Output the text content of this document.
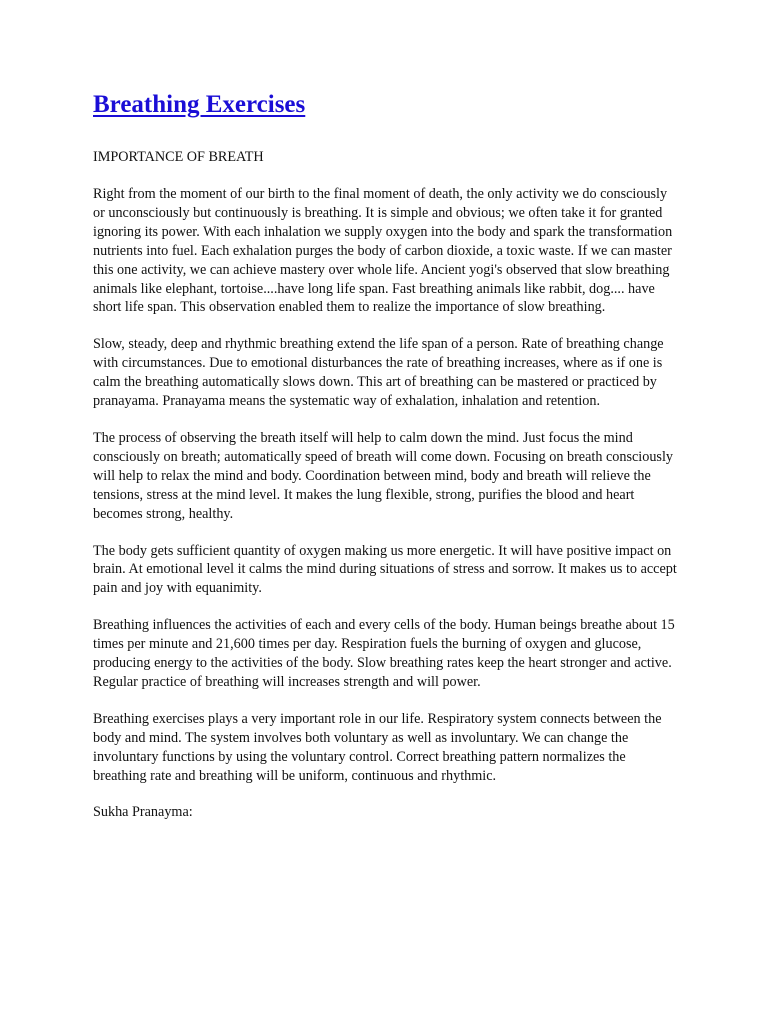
Breathing Exercises

IMPORTANCE OF BREATH

Right from the moment of our birth to the final moment of death, the only activity we do consciously or unconsciously but continuously is breathing. It is simple and obvious; we often take it for granted ignoring its power. With each inhalation we supply oxygen into the body and spark the transformation nutrients into fuel. Each exhalation purges the body of carbon dioxide, a toxic waste. If we can master this one activity, we can achieve mastery over whole life. Ancient yogi's observed that slow breathing animals like elephant, tortoise....have long life span. Fast breathing animals like rabbit, dog.... have short life span. This observation enabled them to realize the importance of slow breathing.

Slow, steady, deep and rhythmic breathing extend the life span of a person. Rate of breathing change with circumstances. Due to emotional disturbances the rate of breathing increases, where as if one is calm the breathing automatically slows down. This art of breathing can be mastered or practiced by pranayama. Pranayama means the systematic way of exhalation, inhalation and retention.

The process of observing the breath itself will help to calm down the mind. Just focus the mind consciously on breath; automatically speed of breath will come down. Focusing on breath consciously will help to relax the mind and body. Coordination between mind, body and breath will relieve the tensions, stress at the mind level. It makes the lung flexible, strong, purifies the blood and heart becomes strong, healthy.

The body gets sufficient quantity of oxygen making us more energetic. It will have positive impact on brain. At emotional level it calms the mind during situations of stress and sorrow. It makes us to accept pain and joy with equanimity.

Breathing influences the activities of each and every cells of the body. Human beings breathe about 15 times per minute and 21,600 times per day. Respiration fuels the burning of oxygen and glucose, producing energy to the activities of the body. Slow breathing rates keep the heart stronger and active. Regular practice of breathing will increases strength and will power.

Breathing exercises plays a very important role in our life. Respiratory system connects between the body and mind. The system involves both voluntary as well as involuntary. We can change the involuntary functions by using the voluntary control. Correct breathing pattern normalizes the breathing rate and breathing will be uniform, continuous and rhythmic.

Sukha Pranayma:
